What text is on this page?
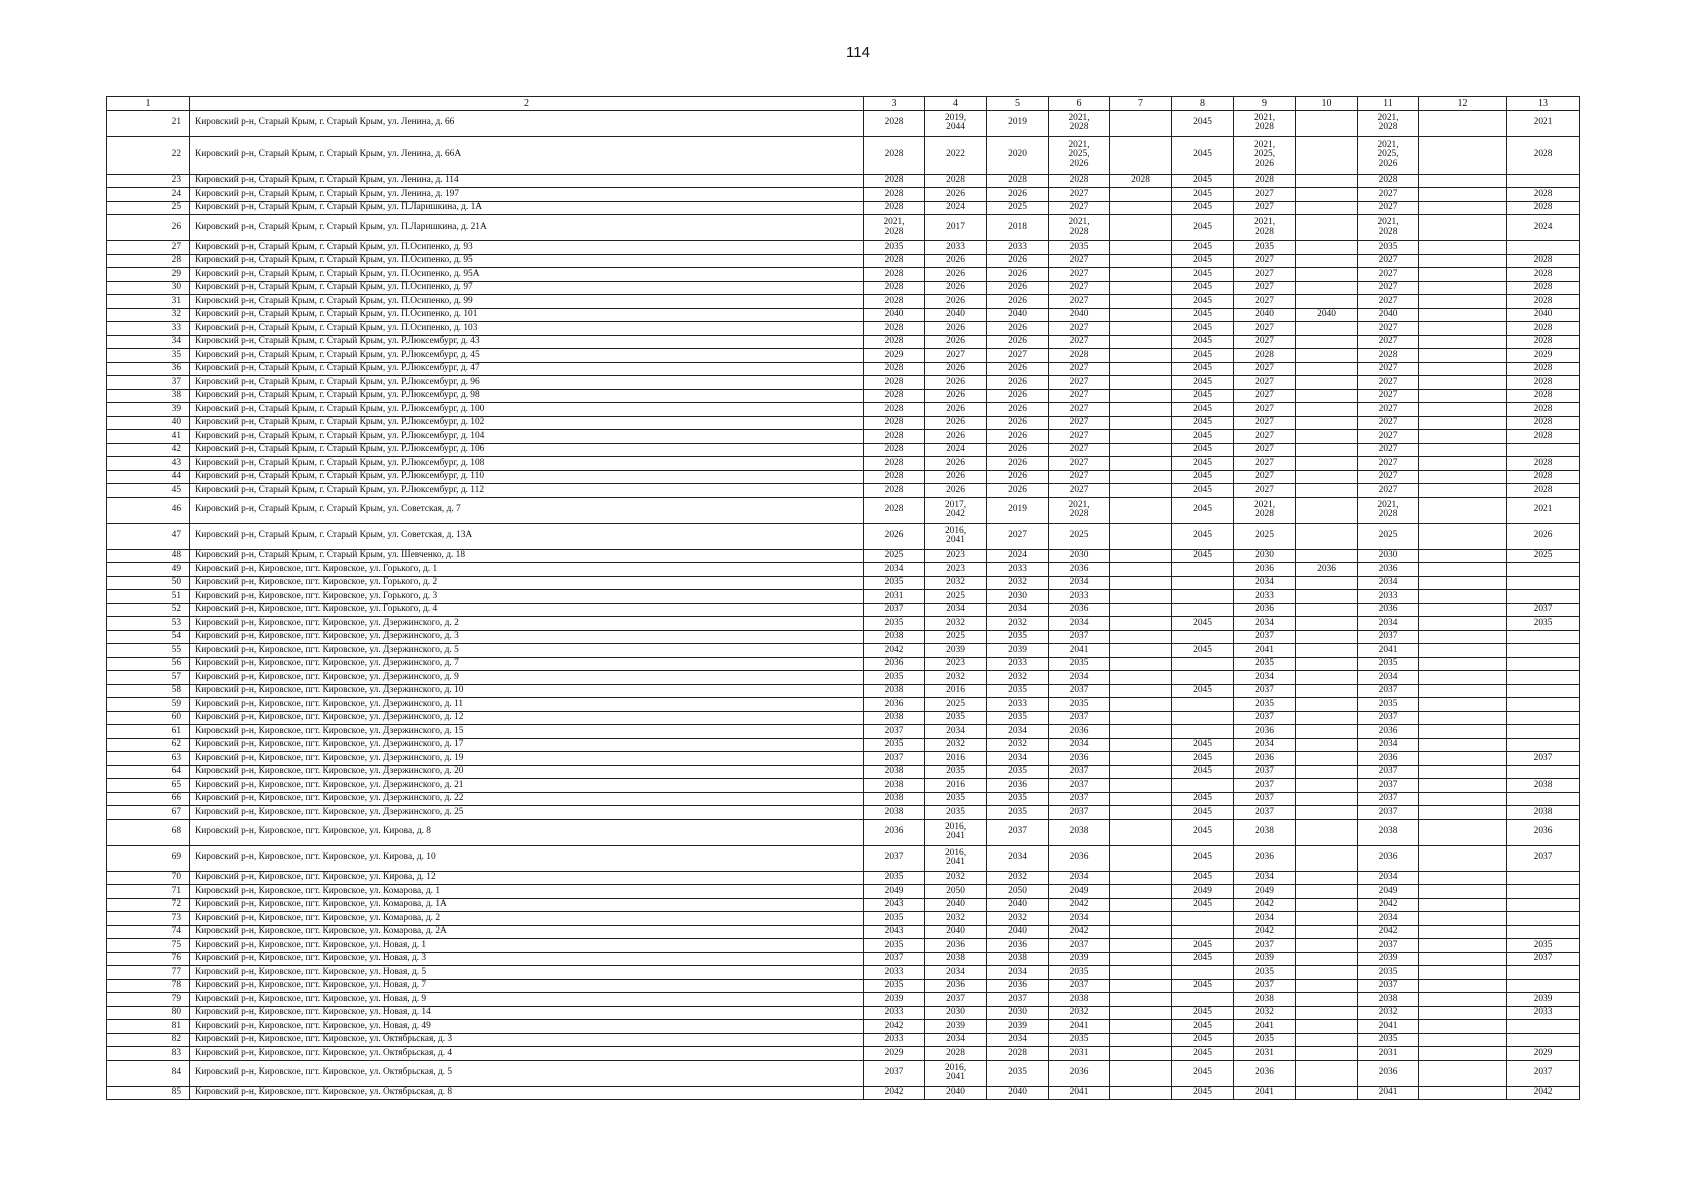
114
1	2	3	4	5	6	7	8	9	10	11	12	13
21	Кировский р-н, Старый Крым, г. Старый Крым, ул. Ленина, д. 66	2028	2019,
2044	2019	2021,
2028		2045	2021,
2028		2021,
2028		2021
22	Кировский р-н, Старый Крым, г. Старый Крым, ул. Ленина, д. 66А	2028	2022	2020	2021,
2025,
2026		2045	2021,
2025,
2026		2021,
2025,
2026		2028
23	Кировский р-н, Старый Крым, г. Старый Крым, ул. Ленина, д. 114	2028	2028	2028	2028	2028	2045	2028		2028		
24	Кировский р-н, Старый Крым, г. Старый Крым, ул. Ленина, д. 197	2028	2026	2026	2027		2045	2027		2027		2028
25	Кировский р-н, Старый Крым, г. Старый Крым, ул. П.Ларишкина, д. 1А	2028	2024	2025	2027		2045	2027		2027		2028
26	Кировский р-н, Старый Крым, г. Старый Крым, ул. П.Ларишкина, д. 21А	2021,
2028	2017	2018	2021,
2028		2045	2021,
2028		2021,
2028		2024
27	Кировский р-н, Старый Крым, г. Старый Крым, ул. П.Осипенко, д. 93	2035	2033	2033	2035		2045	2035		2035		
28	Кировский р-н, Старый Крым, г. Старый Крым, ул. П.Осипенко, д. 95	2028	2026	2026	2027		2045	2027		2027		2028
29	Кировский р-н, Старый Крым, г. Старый Крым, ул. П.Осипенко, д. 95А	2028	2026	2026	2027		2045	2027		2027		2028
30	Кировский р-н, Старый Крым, г. Старый Крым, ул. П.Осипенко, д. 97	2028	2026	2026	2027		2045	2027		2027		2028
31	Кировский р-н, Старый Крым, г. Старый Крым, ул. П.Осипенко, д. 99	2028	2026	2026	2027		2045	2027		2027		2028
32	Кировский р-н, Старый Крым, г. Старый Крым, ул. П.Осипенко, д. 101	2040	2040	2040	2040		2045	2040	2040	2040		2040
33	Кировский р-н, Старый Крым, г. Старый Крым, ул. П.Осипенко, д. 103	2028	2026	2026	2027		2045	2027		2027		2028
34	Кировский р-н, Старый Крым, г. Старый Крым, ул. Р.Люксембург, д. 43	2028	2026	2026	2027		2045	2027		2027		2028
35	Кировский р-н, Старый Крым, г. Старый Крым, ул. Р.Люксембург, д. 45	2029	2027	2027	2028		2045	2028		2028		2029
36	Кировский р-н, Старый Крым, г. Старый Крым, ул. Р.Люксембург, д. 47	2028	2026	2026	2027		2045	2027		2027		2028
37	Кировский р-н, Старый Крым, г. Старый Крым, ул. Р.Люксембург, д. 96	2028	2026	2026	2027		2045	2027		2027		2028
38	Кировский р-н, Старый Крым, г. Старый Крым, ул. Р.Люксембург, д. 98	2028	2026	2026	2027		2045	2027		2027		2028
39	Кировский р-н, Старый Крым, г. Старый Крым, ул. Р.Люксембург, д. 100	2028	2026	2026	2027		2045	2027		2027		2028
40	Кировский р-н, Старый Крым, г. Старый Крым, ул. Р.Люксембург, д. 102	2028	2026	2026	2027		2045	2027		2027		2028
41	Кировский р-н, Старый Крым, г. Старый Крым, ул. Р.Люксембург, д. 104	2028	2026	2026	2027		2045	2027		2027		2028
42	Кировский р-н, Старый Крым, г. Старый Крым, ул. Р.Люксембург, д. 106	2028	2024	2026	2027		2045	2027		2027		
43	Кировский р-н, Старый Крым, г. Старый Крым, ул. Р.Люксембург, д. 108	2028	2026	2026	2027		2045	2027		2027		2028
44	Кировский р-н, Старый Крым, г. Старый Крым, ул. Р.Люксембург, д. 110	2028	2026	2026	2027		2045	2027		2027		2028
45	Кировский р-н, Старый Крым, г. Старый Крым, ул. Р.Люксембург, д. 112	2028	2026	2026	2027		2045	2027		2027		2028
46	Кировский р-н, Старый Крым, г. Старый Крым, ул. Советская, д. 7	2028	2017,
2042	2019	2021,
2028		2045	2021,
2028		2021,
2028		2021
47	Кировский р-н, Старый Крым, г. Старый Крым, ул. Советская, д. 13А	2026	2016,
2041	2027	2025		2045	2025		2025		2026
48	Кировский р-н, Старый Крым, г. Старый Крым, ул. Шевченко, д. 18	2025	2023	2024	2030		2045	2030		2030		2025
49	Кировский р-н, Кировское, пгт. Кировское, ул. Горького, д. 1	2034	2023	2033	2036			2036	2036	2036		
50	Кировский р-н, Кировское, пгт. Кировское, ул. Горького, д. 2	2035	2032	2032	2034			2034		2034		
51	Кировский р-н, Кировское, пгт. Кировское, ул. Горького, д. 3	2031	2025	2030	2033			2033		2033		
52	Кировский р-н, Кировское, пгт. Кировское, ул. Горького, д. 4	2037	2034	2034	2036			2036		2036		2037
53	Кировский р-н, Кировское, пгт. Кировское, ул. Дзержинского, д. 2	2035	2032	2032	2034		2045	2034		2034		2035
54	Кировский р-н, Кировское, пгт. Кировское, ул. Дзержинского, д. 3	2038	2025	2035	2037			2037		2037		
55	Кировский р-н, Кировское, пгт. Кировское, ул. Дзержинского, д. 5	2042	2039	2039	2041		2045	2041		2041		
56	Кировский р-н, Кировское, пгт. Кировское, ул. Дзержинского, д. 7	2036	2023	2033	2035			2035		2035		
57	Кировский р-н, Кировское, пгт. Кировское, ул. Дзержинского, д. 9	2035	2032	2032	2034			2034		2034		
58	Кировский р-н, Кировское, пгт. Кировское, ул. Дзержинского, д. 10	2038	2016	2035	2037		2045	2037		2037		
59	Кировский р-н, Кировское, пгт. Кировское, ул. Дзержинского, д. 11	2036	2025	2033	2035			2035		2035		
60	Кировский р-н, Кировское, пгт. Кировское, ул. Дзержинского, д. 12	2038	2035	2035	2037			2037		2037		
61	Кировский р-н, Кировское, пгт. Кировское, ул. Дзержинского, д. 15	2037	2034	2034	2036			2036		2036		
62	Кировский р-н, Кировское, пгт. Кировское, ул. Дзержинского, д. 17	2035	2032	2032	2034		2045	2034		2034		
63	Кировский р-н, Кировское, пгт. Кировское, ул. Дзержинского, д. 19	2037	2016	2034	2036		2045	2036		2036		2037
64	Кировский р-н, Кировское, пгт. Кировское, ул. Дзержинского, д. 20	2038	2035	2035	2037		2045	2037		2037		
65	Кировский р-н, Кировское, пгт. Кировское, ул. Дзержинского, д. 21	2038	2016	2036	2037			2037		2037		2038
66	Кировский р-н, Кировское, пгт. Кировское, ул. Дзержинского, д. 22	2038	2035	2035	2037		2045	2037		2037		
67	Кировский р-н, Кировское, пгт. Кировское, ул. Дзержинского, д. 25	2038	2035	2035	2037		2045	2037		2037		2038
68	Кировский р-н, Кировское, пгт. Кировское, ул. Кирова, д. 8	2036	2016,
2041	2037	2038		2045	2038		2038		2036
69	Кировский р-н, Кировское, пгт. Кировское, ул. Кирова, д. 10	2037	2016,
2041	2034	2036		2045	2036		2036		2037
70	Кировский р-н, Кировское, пгт. Кировское, ул. Кирова, д. 12	2035	2032	2032	2034		2045	2034		2034		
71	Кировский р-н, Кировское, пгт. Кировское, ул. Комарова, д. 1	2049	2050	2050	2049		2049	2049		2049		
72	Кировский р-н, Кировское, пгт. Кировское, ул. Комарова, д. 1А	2043	2040	2040	2042		2045	2042		2042		
73	Кировский р-н, Кировское, пгт. Кировское, ул. Комарова, д. 2	2035	2032	2032	2034			2034		2034		
74	Кировский р-н, Кировское, пгт. Кировское, ул. Комарова, д. 2А	2043	2040	2040	2042			2042		2042		
75	Кировский р-н, Кировское, пгт. Кировское, ул. Новая, д. 1	2035	2036	2036	2037		2045	2037		2037		2035
76	Кировский р-н, Кировское, пгт. Кировское, ул. Новая, д. 3	2037	2038	2038	2039		2045	2039		2039		2037
77	Кировский р-н, Кировское, пгт. Кировское, ул. Новая, д. 5	2033	2034	2034	2035			2035		2035		
78	Кировский р-н, Кировское, пгт. Кировское, ул. Новая, д. 7	2035	2036	2036	2037		2045	2037		2037		
79	Кировский р-н, Кировское, пгт. Кировское, ул. Новая, д. 9	2039	2037	2037	2038			2038		2038		2039
80	Кировский р-н, Кировское, пгт. Кировское, ул. Новая, д. 14	2033	2030	2030	2032		2045	2032		2032		2033
81	Кировский р-н, Кировское, пгт. Кировское, ул. Новая, д. 49	2042	2039	2039	2041		2045	2041		2041		
82	Кировский р-н, Кировское, пгт. Кировское, ул. Октябрьская, д. 3	2033	2034	2034	2035		2045	2035		2035		
83	Кировский р-н, Кировское, пгт. Кировское, ул. Октябрьская, д. 4	2029	2028	2028	2031		2045	2031		2031		2029
84	Кировский р-н, Кировское, пгт. Кировское, ул. Октябрьская, д. 5	2037	2016,
2041	2035	2036		2045	2036		2036		2037
85	Кировский р-н, Кировское, пгт. Кировское, ул. Октябрьская, д. 8	2042	2040	2040	2041		2045	2041		2041		2042
